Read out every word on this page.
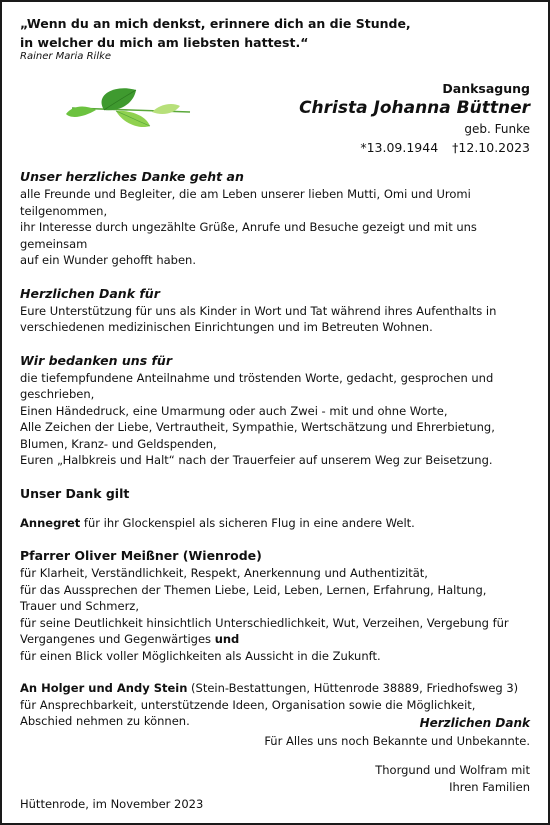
„Wenn du an mich denkst, erinnere dich an die Stunde,
in welcher du mich am liebsten hattest.“
Rainer Maria Rilke
Danksagung
Christa Johanna Büttner
geb. Funke
*13.09.1944 †12.10.2023
Unser herzliches Danke geht an

alle Freunde und Begleiter, die am Leben unserer lieben Mutti, Omi und Uromi teilgenommen,

ihr Interesse durch ungezählte Grüße, Anrufe und Besuche gezeigt und mit uns gemeinsam

auf ein Wunder gehofft haben.

Herzlichen Dank für

Eure Unterstützung für uns als Kinder in Wort und Tat während ihres Aufenthalts in

verschiedenen medizinischen Einrichtungen und im Betreuten Wohnen.

Wir bedanken uns für

die tiefempfundene Anteilnahme und tröstenden Worte, gedacht, gesprochen und

geschrieben,

Einen Händedruck, eine Umarmung oder auch Zwei - mit und ohne Worte,

Alle Zeichen der Liebe, Vertrautheit, Sympathie, Wertschätzung und Ehrerbietung,

Blumen, Kranz- und Geldspenden,

Euren „Halbkreis und Halt“ nach der Trauerfeier auf unserem Weg zur Beisetzung.

Unser Dank gilt

Annegret für ihr Glockenspiel als sicheren Flug in eine andere Welt.

Pfarrer Oliver Meißner (Wienrode)

für Klarheit, Verständlichkeit, Respekt, Anerkennung und Authentizität,

für das Aussprechen der Themen Liebe, Leid, Leben, Lernen, Erfahrung, Haltung,

Trauer und Schmerz,

für seine Deutlichkeit hinsichtlich Unterschiedlichkeit, Wut, Verzeihen, Vergebung für

Vergangenes und Gegenwärtiges und

für einen Blick voller Möglichkeiten als Aussicht in die Zukunft.

An Holger und Andy Stein (Stein-Bestattungen, Hüttenrode 38889, Friedhofsweg 3)

für Ansprechbarkeit, unterstützende Ideen, Organisation sowie die Möglichkeit,

Abschied nehmen zu können.	Herzlichen Dank
Für Alles uns noch Bekannte und Unbekannte.
Thorgund und Wolfram mit
Ihren Familien
Hüttenrode, im November 2023
